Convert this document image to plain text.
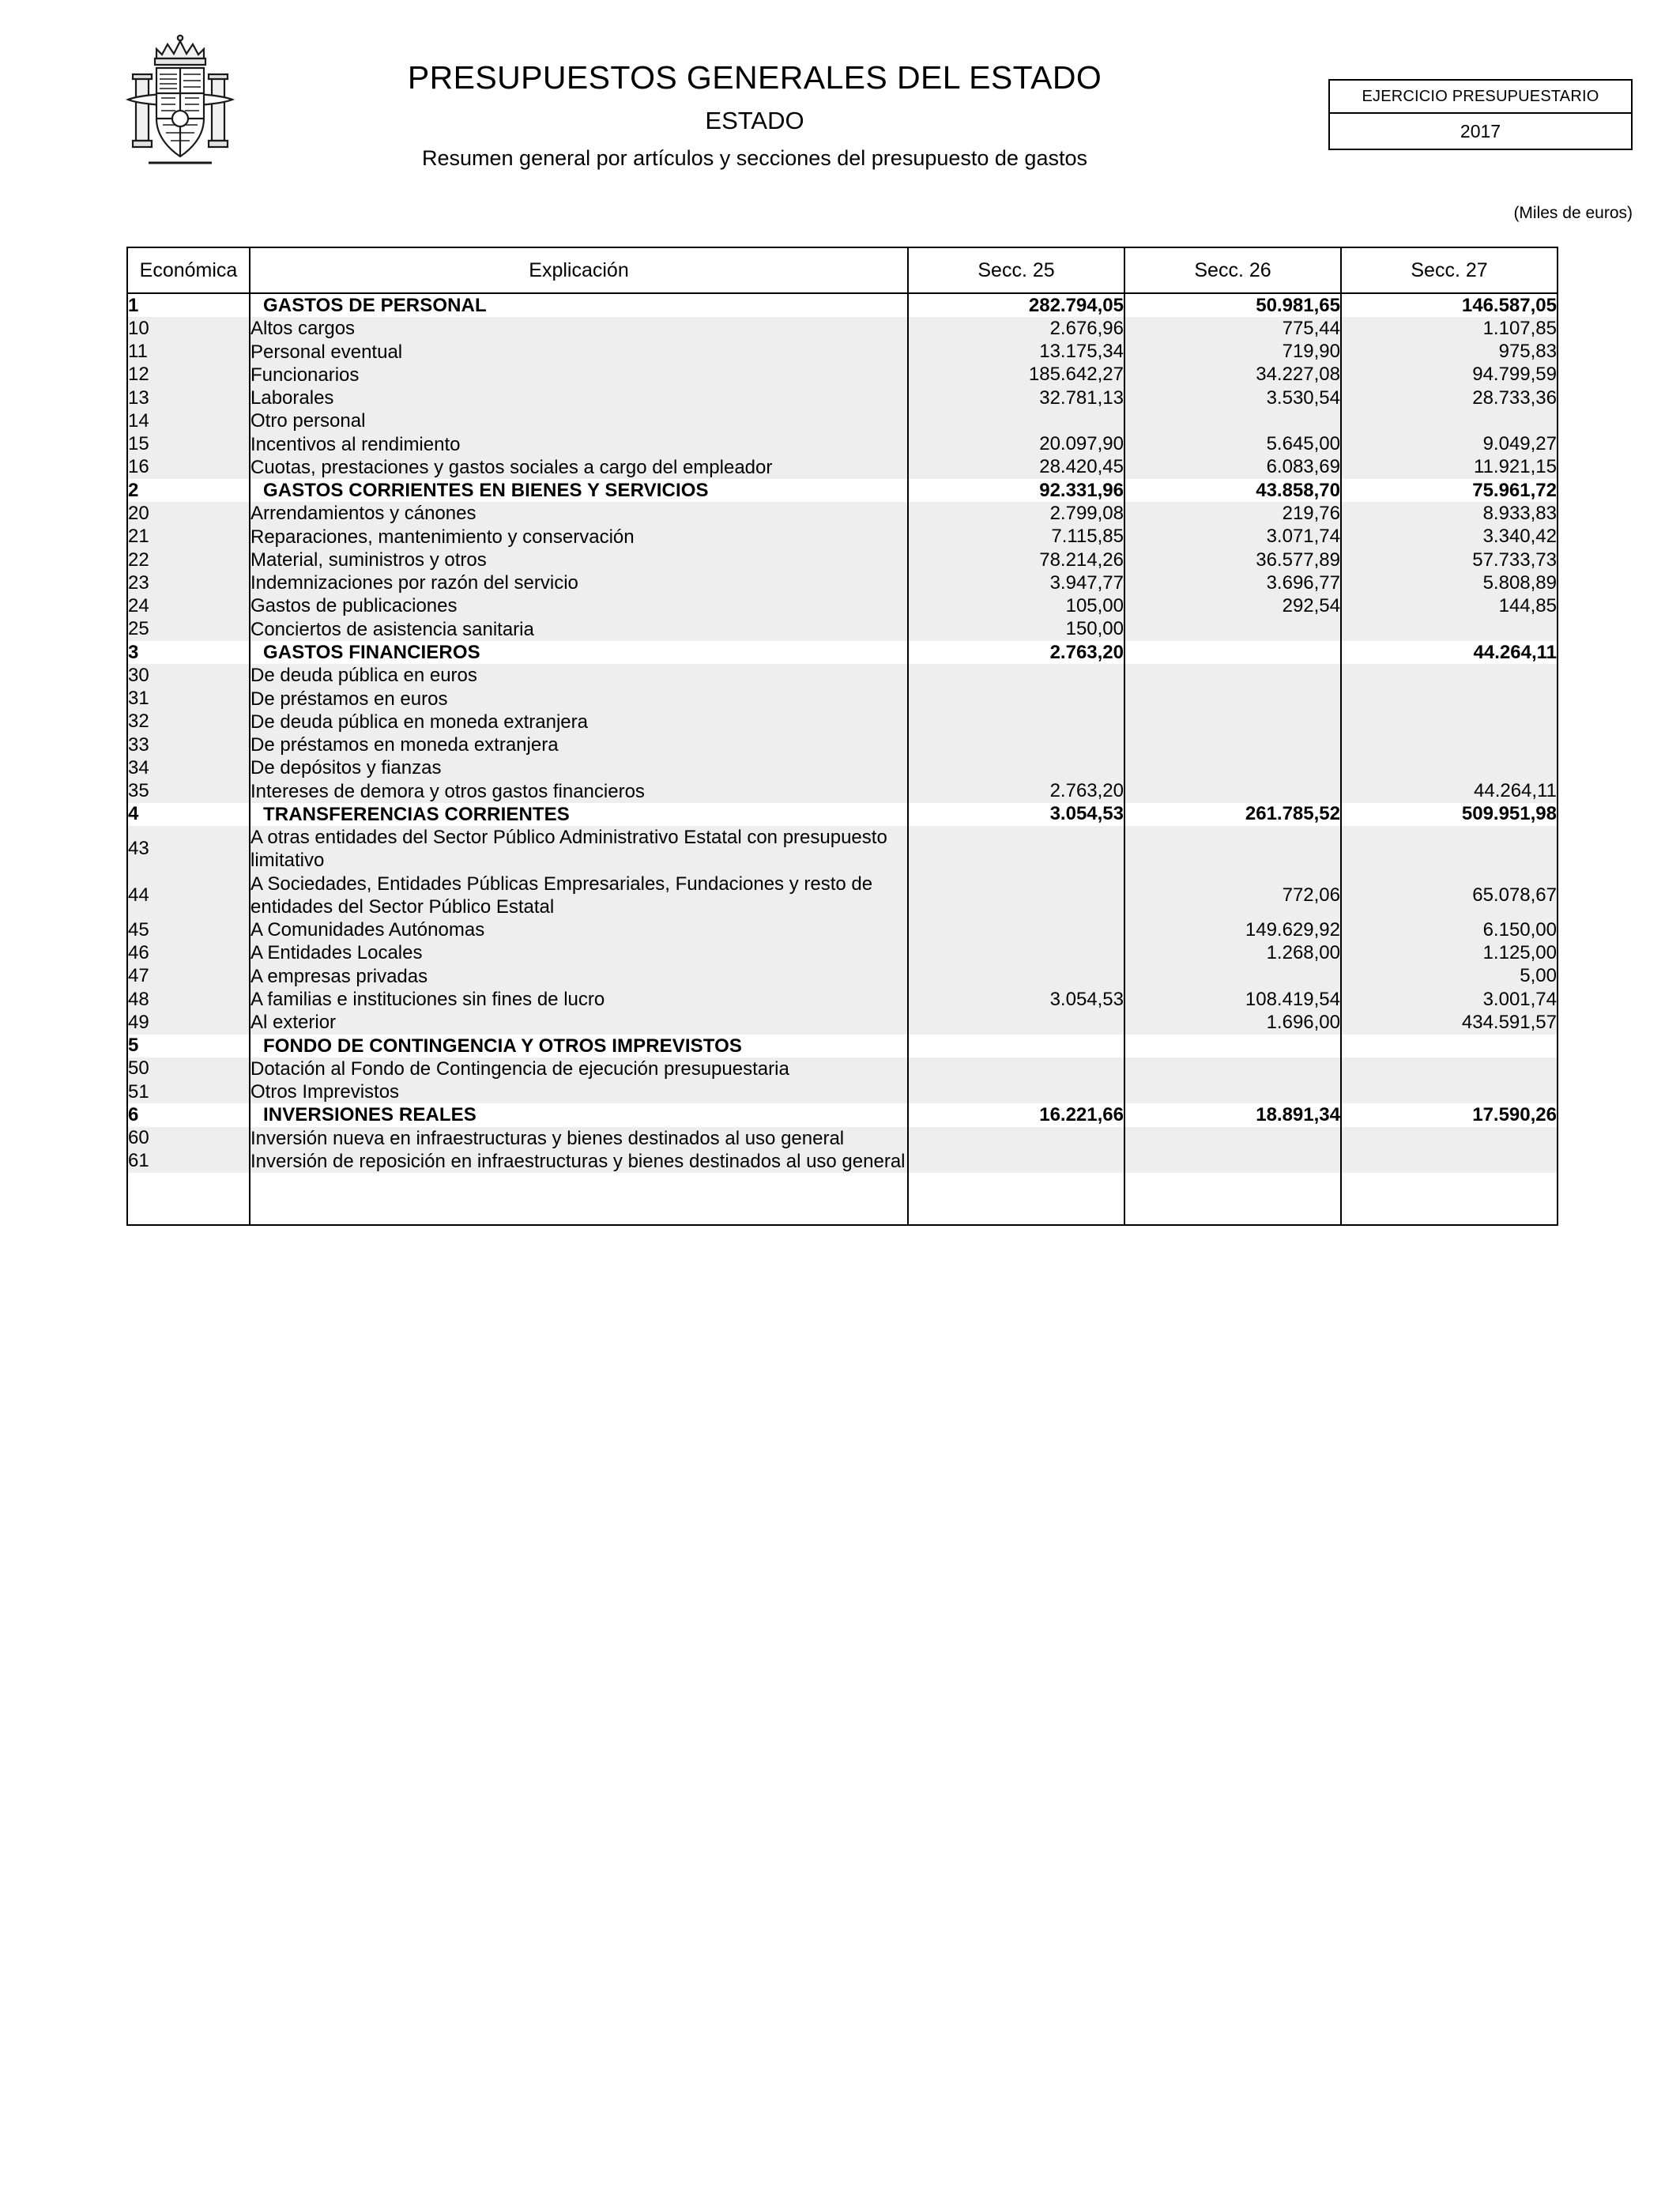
PRESUPUESTOS GENERALES DEL ESTADO
ESTADO
Resumen general por artículos y secciones del presupuesto de gastos
EJERCICIO PRESUPUESTARIO
2017
(Miles de euros)
Económica	Explicación	Secc. 25	Secc. 26	Secc. 27
1	GASTOS DE PERSONAL	282.794,05	50.981,65	146.587,05
10	Altos cargos	2.676,96	775,44	1.107,85
11	Personal eventual	13.175,34	719,90	975,83
12	Funcionarios	185.642,27	34.227,08	94.799,59
13	Laborales	32.781,13	3.530,54	28.733,36
14	Otro personal			
15	Incentivos al rendimiento	20.097,90	5.645,00	9.049,27
16	Cuotas, prestaciones y gastos sociales a cargo del empleador	28.420,45	6.083,69	11.921,15
2	GASTOS CORRIENTES EN BIENES Y SERVICIOS	92.331,96	43.858,70	75.961,72
20	Arrendamientos y cánones	2.799,08	219,76	8.933,83
21	Reparaciones, mantenimiento y conservación	7.115,85	3.071,74	3.340,42
22	Material, suministros y otros	78.214,26	36.577,89	57.733,73
23	Indemnizaciones por razón del servicio	3.947,77	3.696,77	5.808,89
24	Gastos de publicaciones	105,00	292,54	144,85
25	Conciertos de asistencia sanitaria	150,00		
3	GASTOS FINANCIEROS	2.763,20		44.264,11
30	De deuda pública en euros			
31	De préstamos en euros			
32	De deuda pública en moneda extranjera			
33	De préstamos en moneda extranjera			
34	De depósitos y fianzas			
35	Intereses de demora y otros gastos financieros	2.763,20		44.264,11
4	TRANSFERENCIAS CORRIENTES	3.054,53	261.785,52	509.951,98
43	A otras entidades del Sector Público Administrativo Estatal con presupuesto limitativo			
44	A Sociedades, Entidades Públicas Empresariales, Fundaciones y resto de entidades del Sector Público Estatal		772,06	65.078,67
45	A Comunidades Autónomas		149.629,92	6.150,00
46	A Entidades Locales		1.268,00	1.125,00
47	A empresas privadas			5,00
48	A familias e instituciones sin fines de lucro	3.054,53	108.419,54	3.001,74
49	Al exterior		1.696,00	434.591,57
5	FONDO DE CONTINGENCIA Y OTROS IMPREVISTOS			
50	Dotación al Fondo de Contingencia de ejecución presupuestaria			
51	Otros Imprevistos			
6	INVERSIONES REALES	16.221,66	18.891,34	17.590,26
60	Inversión nueva en infraestructuras y bienes destinados al uso general			
61	Inversión de reposición en infraestructuras y bienes destinados al uso general			
